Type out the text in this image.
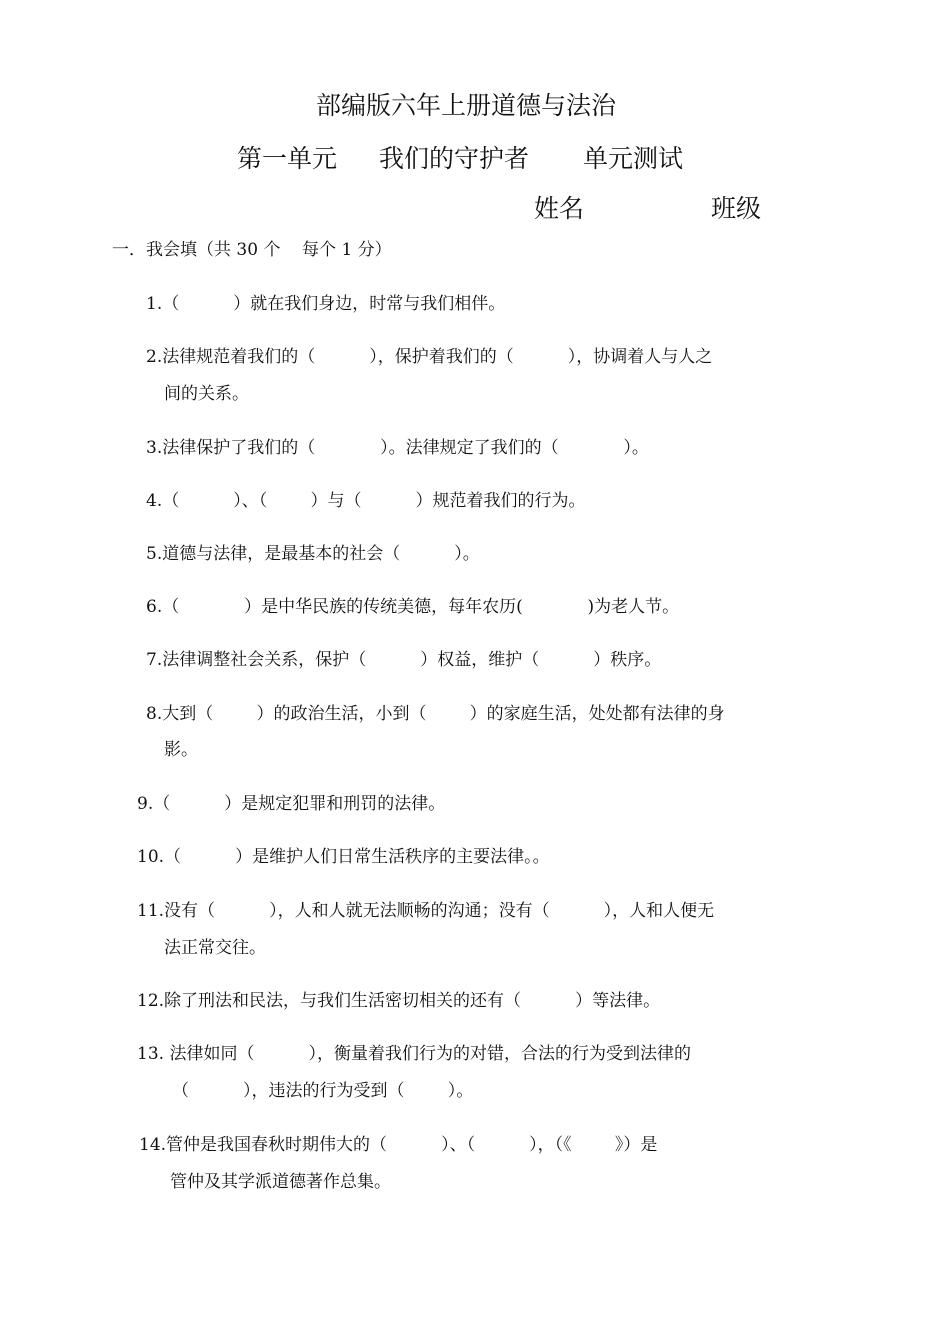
部编版六年上册道德与法治
第一单元 我们的守护者 单元测试
姓名	班级
一．我会填（共 30 个    每个 1 分）
1.（          ）就在我们身边，时常与我们相伴。
2.法律规范着我们的（          ），保护着我们的（          ），协调着人与人之
间的关系。
3.法律保护了我们的（            ）。法律规定了我们的（            ）。
4.（          ）、（        ）与（          ）规范着我们的行为。
5.道德与法律，是最基本的社会（          ）。
6.（            ）是中华民族的传统美德，每年农历(            )为老人节。
7.法律调整社会关系，保护（          ）权益，维护（          ）秩序。
8.大到（        ）的政治生活，小到（        ）的家庭生活，处处都有法律的身
影。
9.（          ）是规定犯罪和刑罚的法律。
10.（          ）是维护人们日常生活秩序的主要法律。。
11.没有（          ），人和人就无法顺畅的沟通；没有（          ），人和人便无
法正常交往。
12.除了刑法和民法，与我们生活密切相关的还有（          ）等法律。
13. 法律如同（          ），衡量着我们行为的对错，合法的行为受到法律的
（          ），违法的行为受到（        ）。
14.管仲是我国春秋时期伟大的（          ）、（          ），（《        》）是
管仲及其学派道德著作总集。
